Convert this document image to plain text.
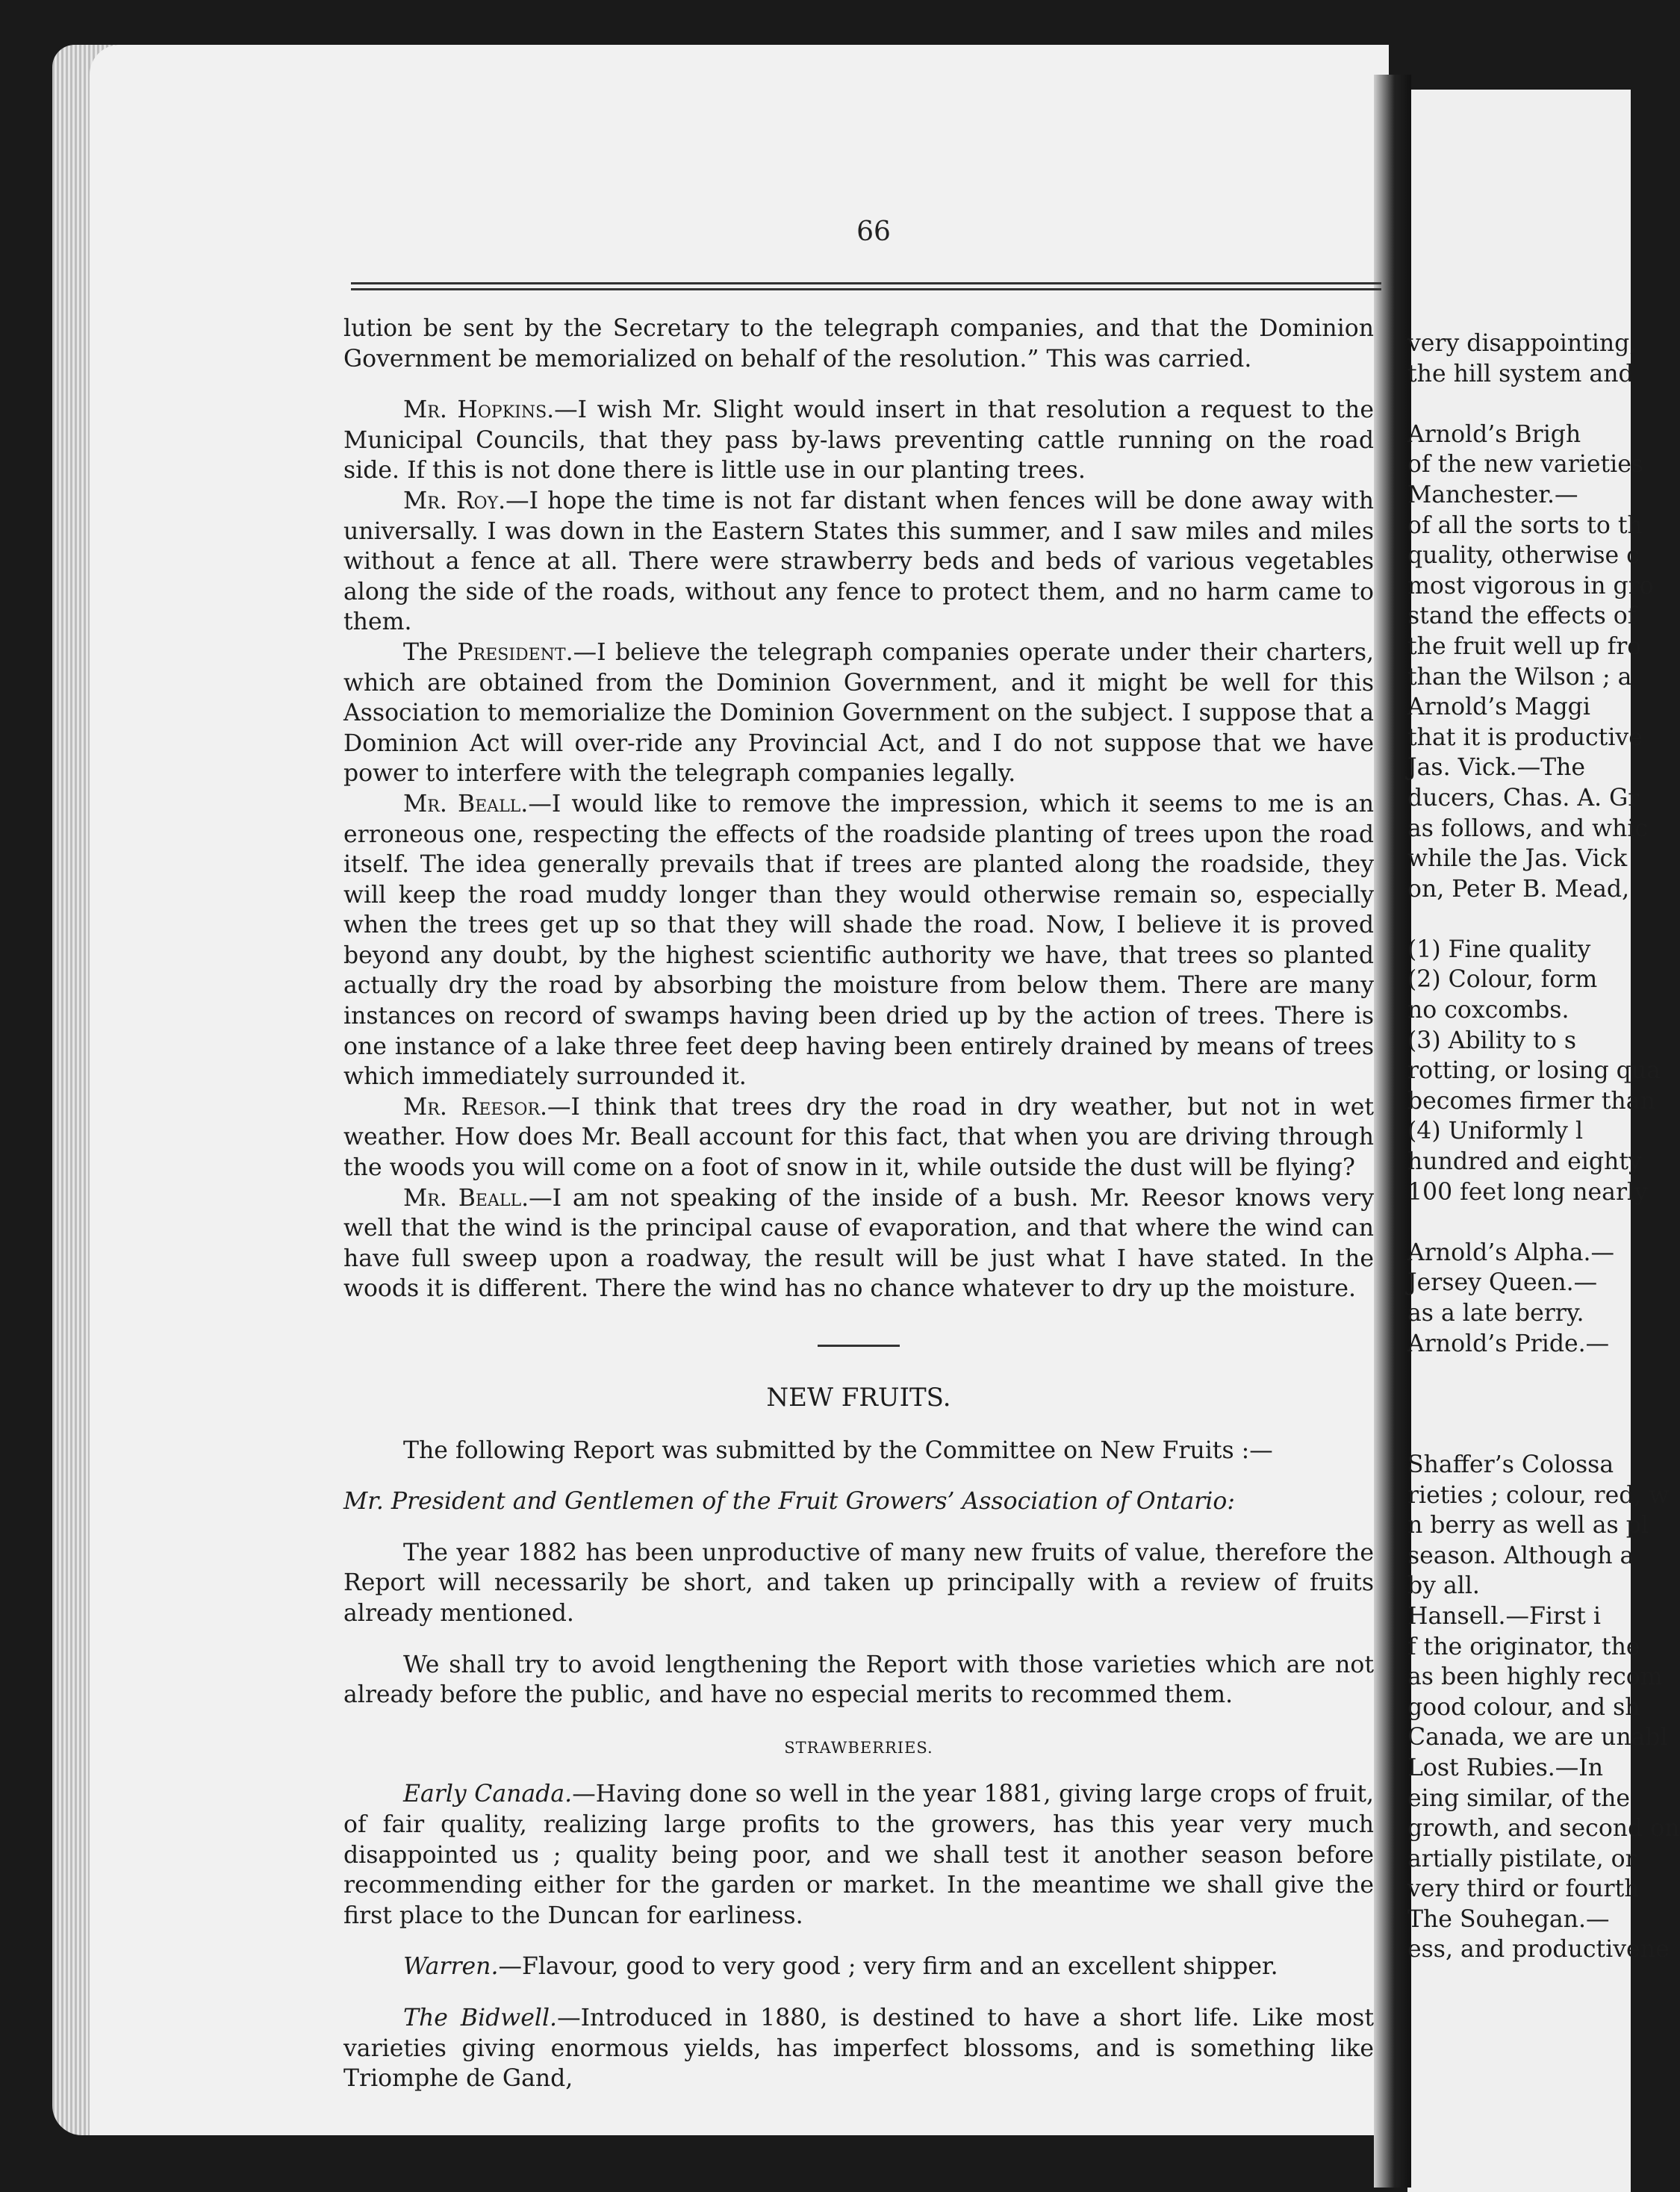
66

lution be sent by the Secretary to the telegraph companies, and that the Dominion Government be memorialized on behalf of the resolution.” This was carried.

Mr. Hopkins.—I wish Mr. Slight would insert in that resolution a request to the Municipal Councils, that they pass by-laws preventing cattle running on the road side. If this is not done there is little use in our planting trees.

Mr. Roy.—I hope the time is not far distant when fences will be done away with universally. I was down in the Eastern States this summer, and I saw miles and miles without a fence at all. There were strawberry beds and beds of various vegetables along the side of the roads, without any fence to protect them, and no harm came to them.

The President.—I believe the telegraph companies operate under their charters, which are obtained from the Dominion Government, and it might be well for this Association to memorialize the Dominion Government on the subject. I suppose that a Dominion Act will over-ride any Provincial Act, and I do not suppose that we have power to interfere with the telegraph companies legally.

Mr. Beall.—I would like to remove the impression, which it seems to me is an erroneous one, respecting the effects of the roadside planting of trees upon the road itself. The idea generally prevails that if trees are planted along the roadside, they will keep the road muddy longer than they would otherwise remain so, especially when the trees get up so that they will shade the road. Now, I believe it is proved beyond any doubt, by the highest scientific authority we have, that trees so planted actually dry the road by absorbing the moisture from below them. There are many instances on record of swamps having been dried up by the action of trees. There is one instance of a lake three feet deep having been entirely drained by means of trees which immediately surrounded it.

Mr. Reesor.—I think that trees dry the road in dry weather, but not in wet weather. How does Mr. Beall account for this fact, that when you are driving through the woods you will come on a foot of snow in it, while outside the dust will be flying?

Mr. Beall.—I am not speaking of the inside of a bush. Mr. Reesor knows very well that the wind is the principal cause of evaporation, and that where the wind can have full sweep upon a roadway, the result will be just what I have stated. In the woods it is different. There the wind has no chance whatever to dry up the moisture.

NEW FRUITS.

The following Report was submitted by the Committee on New Fruits :—

Mr. President and Gentlemen of the Fruit Growers’ Association of Ontario:

The year 1882 has been unproductive of many new fruits of value, therefore the Report will necessarily be short, and taken up principally with a review of fruits already mentioned.

We shall try to avoid lengthening the Report with those varieties which are not already before the public, and have no especial merits to recommed them.

STRAWBERRIES.

Early Canada.—Having done so well in the year 1881, giving large crops of fruit, of fair quality, realizing large profits to the growers, has this year very much disappointed us ; quality being poor, and we shall test it another season before recommending either for the garden or market. In the meantime we shall give the first place to the Duncan for earliness.

Warren.—Flavour, good to very good ; very firm and an excellent shipper.

The Bidwell.—Introduced in 1880, is destined to have a short life. Like most varieties giving enormous yields, has imperfect blossoms, and is something like Triomphe de Gand,

very disappointing,
the hill system and
Arnold’s Brigh
of the new varieties
Manchester.—
of all the sorts to th
quality, otherwise c
most vigorous in gro
stand the effects of
the fruit well up fro
than the Wilson ; a
Arnold’s Maggi
that it is productive
Jas. Vick.—The
ducers, Chas. A. Gr
as follows, and whic
while the Jas. Vick
on, Peter B. Mead,
(1) Fine quality
(2) Colour, form
no coxcombs.
(3) Ability to s
rotting, or losing qua
becomes firmer than
(4) Uniformly l
hundred and eighty
100 feet long nearly
Arnold’s Alpha.—
Jersey Queen.—
as a late berry.
Arnold’s Pride.—
Shaffer’s Colossa
rieties ; colour, red, w
n berry as well as pl
season. Although a
by all.
Hansell.—First i
f the originator, the
as been highly recom
good colour, and sh
Canada, we are unabl
Lost Rubies.—In
eing similar, of the
growth, and second on
artially pistilate, or
very third or fourth
The Souhegan.—
ess, and productivene
